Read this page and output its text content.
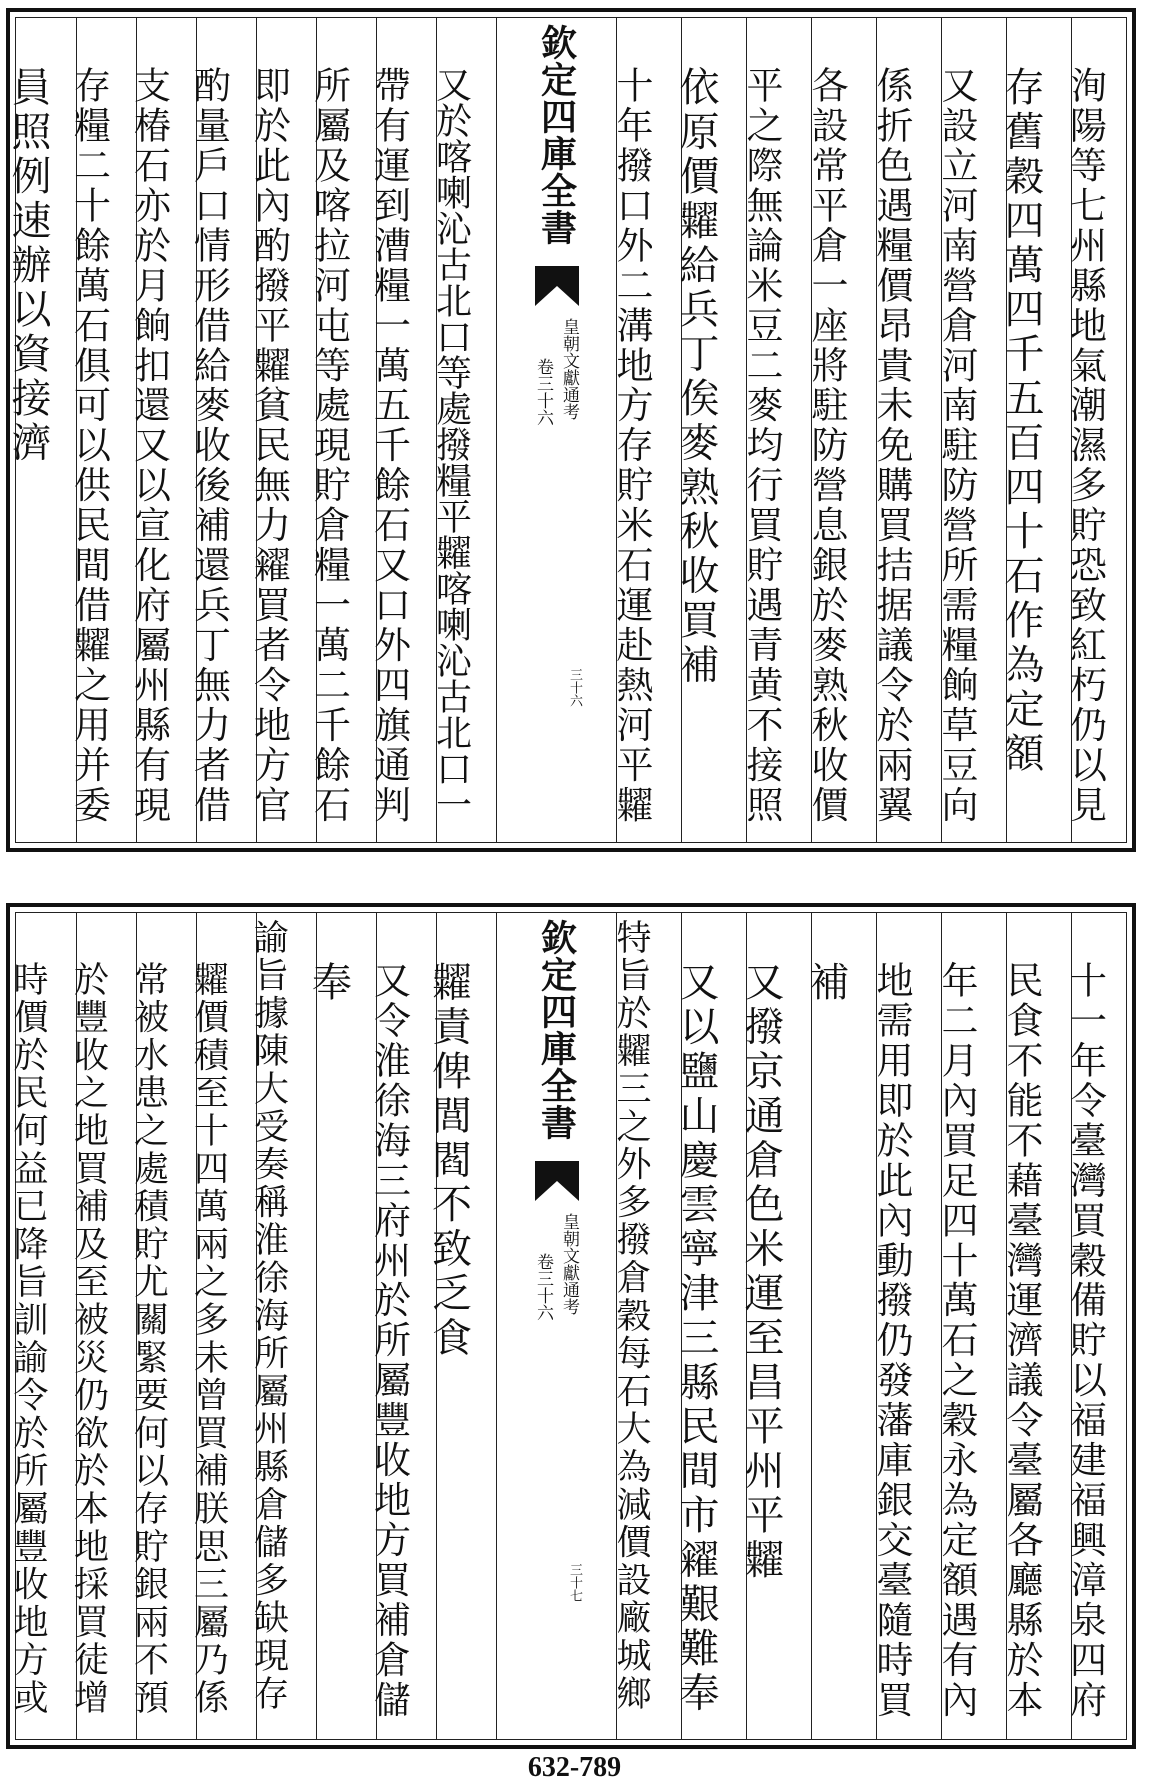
員照例速辦以資接濟 存糧二十餘萬石俱可以供民間借糶之用并委 支椿石亦於月餉扣還又以宣化府屬州縣有現 酌量戶口情形借給麥收後補還兵丁無力者借 即於此內酌撥平糶貧民無力糴買者令地方官 所屬及喀拉河屯等處現貯倉糧一萬二千餘石 帶有運到漕糧一萬五千餘石又口外四旗通判 又於喀喇沁古北口等處撥糧平糶喀喇沁古北口一	欽定四庫全書
皇朝文獻通考
卷三十六
三十六 十年撥口外二溝地方存貯米石運赴熱河平糶 依原價糶給兵丁俟麥熟秋收買補 平之際無論米豆二麥均行買貯遇青黄不接照 各設常平倉一座將駐防營息銀於麥熟秋收價 係折色遇糧價昂貴未免購買拮据議令於兩翼 又設立河南營倉河南駐防營所需糧餉草豆向 存舊穀四萬四千五百四十石作為定額 洵陽等七州縣地氣潮濕多貯恐致紅朽仍以見
時價於民何益已降旨訓諭令於所屬豐收地方或 於豐收之地買補及至被災仍欲於本地採買徒增 常被水患之處積貯尤關緊要何以存貯銀兩不預 糶價積至十四萬兩之多未曾買補朕思三屬乃係 諭旨據陳大受奏稱淮徐海所屬州縣倉儲多缺現存 奉 又令淮徐海三府州於所屬豐收地方買補倉儲 糶責俾閭閻不致乏食	欽定四庫全書
皇朝文獻通考
卷三十六
三十七 特旨於糶三之外多撥倉穀每石大為減價設廠城鄉 又以鹽山慶雲寧津三縣民間市糴艱難奉 又撥京通倉色米運至昌平州平糶 補 地需用即於此內動撥仍發藩庫銀交臺隨時買 年二月內買足四十萬石之穀永為定額遇有內 民食不能不藉臺灣運濟議令臺屬各廳縣於本 十一年令臺灣買穀備貯以福建福興漳泉四府
632-789
